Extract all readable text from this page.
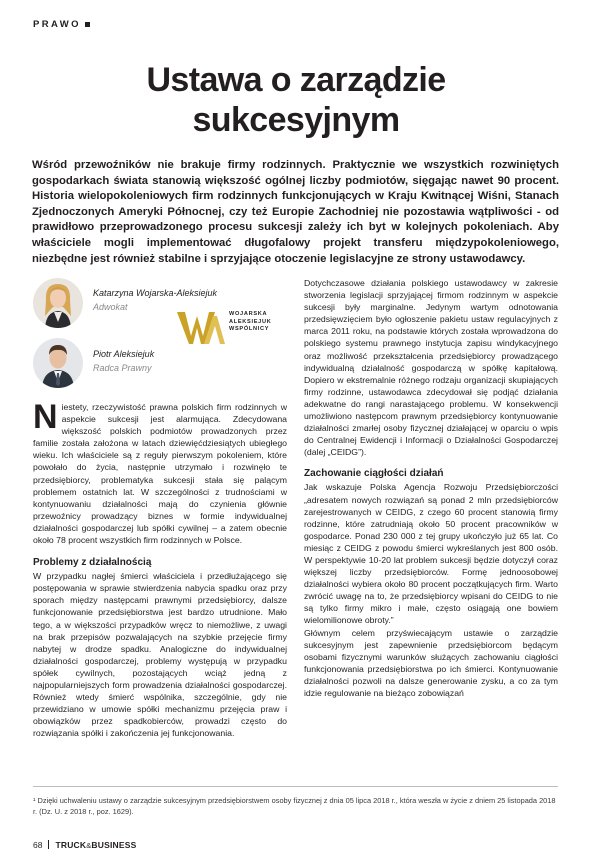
PRAWO
Ustawa o zarządzie
sukcesyjnym

Wśród przewoźników nie brakuje firmy rodzinnych. Praktycznie we wszystkich rozwiniętych gospodarkach świata stanowią większość ogólnej liczby podmiotów, sięgając nawet 90 procent. Historia wielopokoleniowych firm rodzinnych funkcjonujących w Kraju Kwitnącej Wiśni, Stanach Zjednoczonych Ameryki Północnej, czy też Europie Zachodniej nie pozostawia wątpliwości - od prawidłowo przeprowadzonego procesu sukcesji zależy ich byt w kolejnych pokoleniach. Aby właściciele mogli implementować długofalowy projekt transferu międzypokoleniowego, niezbędne jest również stabilne i sprzyjające otoczenie legislacyjne ze strony ustawodawcy.

Katarzyna Wojarska-Aleksiejuk
Adwokat
WOJARSKA
ALEKSIEJUK
WSPÓLNICY
Piotr Aleksiejuk
Radca Prawny

Niestety, rzeczywistość prawna polskich firm rodzinnych w aspekcie sukcesji jest alarmująca. Zdecydowana większość polskich podmiotów prowadzonych przez familie została założona w latach dziewięćdziesiątych ubiegłego wieku. Ich właściciele są z reguły pierwszym pokoleniem, które powołało do życia, następnie utrzymało i rozwinęło te przedsiębiorcy, problematyka sukcesji stała się palącym problemem ostatnich lat. W szczególności z trudnościami w kontynuowaniu działalności mają do czynienia głównie przewoźnicy prowadzący biznes w formie indywidualnej działalności gospodarczej lub spółki cywilnej – a zatem obecnie około 78 procent wszystkich firm rodzinnych w Polsce.

Problemy z działalnością

W przypadku nagłej śmierci właściciela i przedłużającego się postępowania w sprawie stwierdzenia nabycia spadku oraz przy sporach między następcami prawnymi przedsiębiorcy, dalsze funkcjonowanie przedsiębiorstwa jest bardzo utrudnione. Mało tego, a w większości przypadków wręcz to niemożliwe, z uwagi na brak przepisów pozwalających na szybkie przejęcie firmy nabytej w drodze spadku. Analogiczne do indywidualnej działalności gospodarczej, problemy występują w przypadku spółek cywilnych, pozostających wciąż jedną z najpopularniejszych form prowadzenia działalności gospodarczej. Również wtedy śmierć wspólnika, szczególnie, gdy nie przewidziano w umowie spółki mechanizmu przejęcia praw i obowiązków przez spadkobierców, prowadzi często do rozwiązania spółki i zakończenia jej funkcjonowania.

Dotychczasowe działania polskiego ustawodawcy w zakresie stworzenia legislacji sprzyjającej firmom rodzinnym w aspekcie sukcesji były marginalne. Jedynym wartym odnotowania przedsięwzięciem było ogłoszenie pakietu ustaw regulacyjnych z marca 2011 roku, na podstawie których została wprowadzona do polskiego systemu prawnego instytucja zapisu windykacyjnego oraz możliwość przekształcenia przedsiębiorcy prowadzącego indywidualną działalność gospodarczą w spółkę kapitałową. Dopiero w ekstremalnie różnego rodzaju organizacji skupiających firmy rodzinne, ustawodawca zdecydował się podjąć działania adekwatne do rangi narastającego problemu. W konsekwencji umożliwiono następcom prawnym przedsiębiorcy kontynuowanie działalności zmarłej osoby fizycznej działającej w oparciu o wpis do Centralnej Ewidencji i Informacji o Działalności Gospodarczej (dalej „CEIDG”).

Zachowanie ciągłości działań

Jak wskazuje Polska Agencja Rozwoju Przedsiębiorczości „adresatem nowych rozwiązań są ponad 2 mln przedsiębiorców zarejestrowanych w CEIDG, z czego 60 procent stanowią firmy rodzinne, które zatrudniają około 50 procent pracowników w gospodarce. Ponad 230 000 z tej grupy ukończyło już 65 lat. Co miesiąc z CEIDG z powodu śmierci wykreślanych jest 800 osób. W perspektywie 10-20 lat problem sukcesji będzie dotyczył coraz większej liczby przedsiębiorców. Formę jednoosobowej działalności wybiera około 80 procent początkujących firm. Warto zwrócić uwagę na to, że przedsiębiorcy wpisani do CEIDG to nie są tylko firmy mikro i małe, często osiągają one bowiem wielomilionowe obroty.”

Głównym celem przyświecającym ustawie o zarządzie sukcesyjnym jest zapewnienie przedsiębiorcom będącym osobami fizycznymi warunków służących zachowaniu ciągłości funkcjonowania przedsiębiorstwa po ich śmierci. Kontynuowanie działalności pozwoli na dalsze generowanie zysku, a co za tym idzie regulowanie na bieżąco zobowiązań

¹ Dzięki uchwaleniu ustawy o zarządzie sukcesyjnym przedsiębiorstwem osoby fizycznej z dnia 05 lipca 2018 r., która weszła w życie z dniem 25 listopada 2018 r. (Dz. U. z 2018 r., poz. 1629).
68 TRUCK&BUSINESS
